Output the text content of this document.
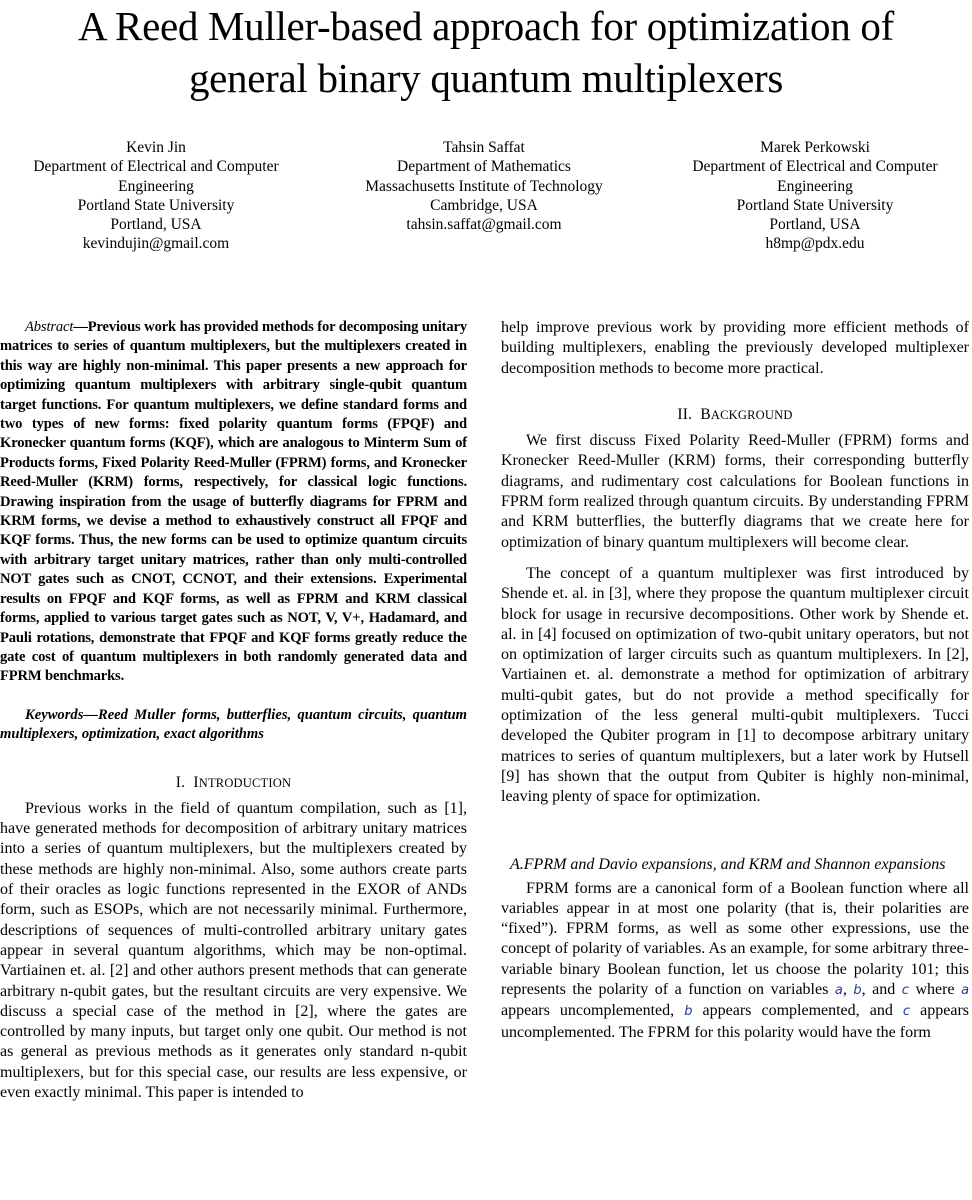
A Reed Muller-based approach for optimization of
general binary quantum multiplexers
Kevin Jin
Department of Electrical and Computer
Engineering
Portland State University
Portland, USA
kevindujin@gmail.com
Tahsin Saffat
Department of Mathematics
Massachusetts Institute of Technology
Cambridge, USA
tahsin.saffat@gmail.com
Marek Perkowski
Department of Electrical and Computer
Engineering
Portland State University
Portland, USA
h8mp@pdx.edu

Abstract—Previous work has provided methods for decomposing unitary matrices to series of quantum multiplexers, but the multiplexers created in this way are highly non-minimal. This paper presents a new approach for optimizing quantum multiplexers with arbitrary single-qubit quantum target functions. For quantum multiplexers, we define standard forms and two types of new forms: fixed polarity quantum forms (FPQF) and Kronecker quantum forms (KQF), which are analogous to Minterm Sum of Products forms, Fixed Polarity Reed-Muller (FPRM) forms, and Kronecker Reed-Muller (KRM) forms, respectively, for classical logic functions. Drawing inspiration from the usage of butterfly diagrams for FPRM and KRM forms, we devise a method to exhaustively construct all FPQF and KQF forms. Thus, the new forms can be used to optimize quantum circuits with arbitrary target unitary matrices, rather than only multi-controlled NOT gates such as CNOT, CCNOT, and their extensions. Experimental results on FPQF and KQF forms, as well as FPRM and KRM classical forms, applied to various target gates such as NOT, V, V+, Hadamard, and Pauli rotations, demonstrate that FPQF and KQF forms greatly reduce the gate cost of quantum multiplexers in both randomly generated data and FPRM benchmarks.

Keywords—Reed Muller forms, butterflies, quantum circuits, quantum multiplexers, optimization, exact algorithms

I. INTRODUCTION

Previous works in the field of quantum compilation, such as [1], have generated methods for decomposition of arbitrary unitary matrices into a series of quantum multiplexers, but the multiplexers created by these methods are highly non-minimal. Also, some authors create parts of their oracles as logic functions represented in the EXOR of ANDs form, such as ESOPs, which are not necessarily minimal. Furthermore, descriptions of sequences of multi-controlled arbitrary unitary gates appear in several quantum algorithms, which may be non-optimal. Vartiainen et. al. [2] and other authors present methods that can generate arbitrary n-qubit gates, but the resultant circuits are very expensive. We discuss a special case of the method in [2], where the gates are controlled by many inputs, but target only one qubit. Our method is not as general as previous methods as it generates only standard n-qubit multiplexers, but for this special case, our results are less expensive, or even exactly minimal. This paper is intended to

help improve previous work by providing more efficient methods of building multiplexers, enabling the previously developed multiplexer decomposition methods to become more practical.

II. BACKGROUND

We first discuss Fixed Polarity Reed-Muller (FPRM) forms and Kronecker Reed-Muller (KRM) forms, their corresponding butterfly diagrams, and rudimentary cost calculations for Boolean functions in FPRM form realized through quantum circuits. By understanding FPRM and KRM butterflies, the butterfly diagrams that we create here for optimization of binary quantum multiplexers will become clear.

The concept of a quantum multiplexer was first introduced by Shende et. al. in [3], where they propose the quantum multiplexer circuit block for usage in recursive decompositions. Other work by Shende et. al. in [4] focused on optimization of two-qubit unitary operators, but not on optimization of larger circuits such as quantum multiplexers. In [2], Vartiainen et. al. demonstrate a method for optimization of arbitrary multi-qubit gates, but do not provide a method specifically for optimization of the less general multi-qubit multiplexers. Tucci developed the Qubiter program in [1] to decompose arbitrary unitary matrices to series of quantum multiplexers, but a later work by Hutsell [9] has shown that the output from Qubiter is highly non-minimal, leaving plenty of space for optimization.

A.FPRM and Davio expansions, and KRM and Shannon expansions

FPRM forms are a canonical form of a Boolean function where all variables appear in at most one polarity (that is, their polarities are “fixed”). FPRM forms, as well as some other expressions, use the concept of polarity of variables. As an example, for some arbitrary three-variable binary Boolean function, let us choose the polarity 101; this represents the polarity of a function on variables a, b, and c where a appears uncomplemented, b appears complemented, and c appears uncomplemented. The FPRM for this polarity would have the form
